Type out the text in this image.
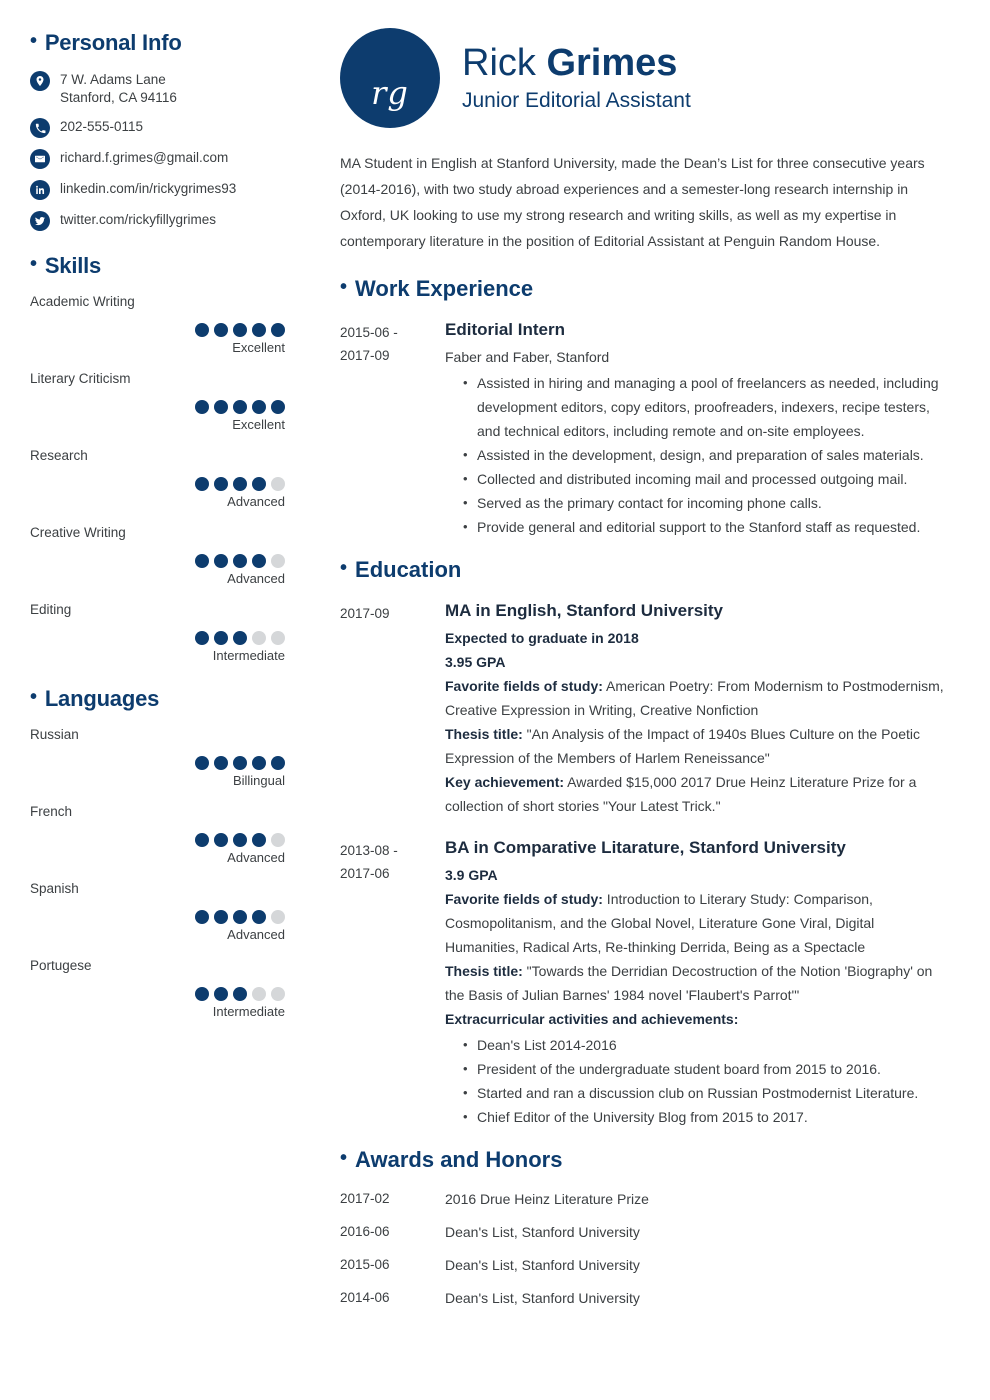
• Personal Info
7 W. Adams Lane
Stanford, CA 94116
202-555-0115
richard.f.grimes@gmail.com
linkedin.com/in/rickygrimes93
twitter.com/rickyfillygrimes
• Skills
Academic Writing
Excellent
Literary Criticism
Excellent
Research
Advanced
Creative Writing
Advanced
Editing
Intermediate
• Languages
Russian
Billingual
French
Advanced
Spanish
Advanced
Portugese
Intermediate
rg
Rick Grimes
Junior Editorial Assistant
MA Student in English at Stanford University, made the Dean’s List for three consecutive years (2014-2016), with two study abroad experiences and a semester-long research internship in Oxford, UK looking to use my strong research and writing skills, as well as my expertise in contemporary literature in the position of Editorial Assistant at Penguin Random House.
• Work Experience
2015-06 -
2017-09
Editorial Intern
Faber and Faber, Stanford
• Assisted in hiring and managing a pool of freelancers as needed, including development editors, copy editors, proofreaders, indexers, recipe testers, and technical editors, including remote and on-site employees.
• Assisted in the development, design, and preparation of sales materials.
• Collected and distributed incoming mail and processed outgoing mail.
• Served as the primary contact for incoming phone calls.
• Provide general and editorial support to the Stanford staff as requested.
• Education
2017-09	MA in English, Stanford University
Expected to graduate in 2018
3.95 GPA
Favorite fields of study: American Poetry: From Modernism to Postmodernism, Creative Expression in Writing, Creative Nonfiction
Thesis title: "An Analysis of the Impact of 1940s Blues Culture on the Poetic Expression of the Members of Harlem Reneissance"
Key achievement: Awarded $15,000 2017 Drue Heinz Literature Prize for a collection of short stories "Your Latest Trick."
2013-08 -
2017-06
BA in Comparative Litarature, Stanford University
3.9 GPA
Favorite fields of study: Introduction to Literary Study: Comparison, Cosmopolitanism, and the Global Novel, Literature Gone Viral, Digital Humanities, Radical Arts, Re-thinking Derrida, Being as a Spectacle
Thesis title: "Towards the Derridian Decostruction of the Notion 'Biography' on the Basis of Julian Barnes' 1984 novel 'Flaubert's Parrot'"
Extracurricular activities and achievements:
• Dean's List 2014-2016
• President of the undergraduate student board from 2015 to 2016.
• Started and ran a discussion club on Russian Postmodernist Literature.
• Chief Editor of the University Blog from 2015 to 2017.
• Awards and Honors
2017-02	2016 Drue Heinz Literature Prize
2016-06	Dean's List, Stanford University
2015-06	Dean's List, Stanford University
2014-06	Dean's List, Stanford University
